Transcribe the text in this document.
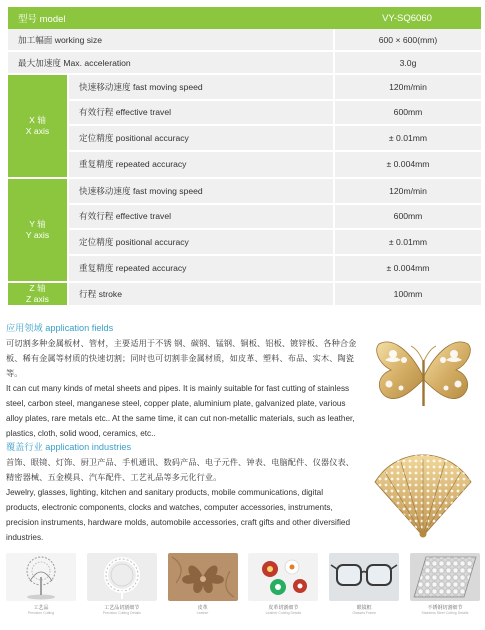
型号 model	VY-SQ6060
加工幅面 working size	600 × 600(mm)
最大加速度 Max. acceleration	3.0g
X 轴
X axis
快速移动速度 fast moving speed	120m/min
有效行程 effective travel	600mm
定位精度 positional accuracy	± 0.01mm
重复精度 repeated accuracy	± 0.004mm
Y 轴
Y axis
快速移动速度 fast moving speed	120m/min
有效行程 effective travel	600mm
定位精度 positional accuracy	± 0.01mm
重复精度 repeated accuracy	± 0.004mm
Z 轴
Z axis	行程 stroke	100mm
应用领域 application fields

可切割多种金属板材、管材，主要适用于不锈 钢、碳钢、锰钢、铜板、铝板、镀锌板、各种合金板、稀有金属等材质的快速切割；同时也可切割非金属材质，如皮革、塑料、布品、实木、陶瓷等。

It can cut many kinds of metal sheets and pipes. It is mainly suitable for fast cutting of stainless steel, carbon steel, manganese steel, copper plate, aluminium plate, galvanized plate, various alloy plates, rare metals etc.. At the same time, it can cut non-metallic materials, such as leather, plastics, cloth, solid wood, ceramics, etc..

覆盖行业 application industries

首饰、眼镜、灯饰、厨卫产品、手机通讯、数码产品、电子元件、钟表、电脑配件、仪器仪表、精密器械、五金模具、汽车配件、工艺礼品等多元化行业。

Jewelry, glasses, lighting, kitchen and sanitary products, mobile communications, digital products, electronic components, clocks and watches, computer accessories, instruments, precision instruments, hardware molds, automobile accessories, craft gifts and other diversified industries.

工艺品
Precision Cutting
工艺品切割细节
Precision Cutting Details
皮革
Leather
皮革切割细节
Leather Cutting Details
眼镜框
Glasses Frame
不锈钢切割细节
Stainless Steel Cutting Details
